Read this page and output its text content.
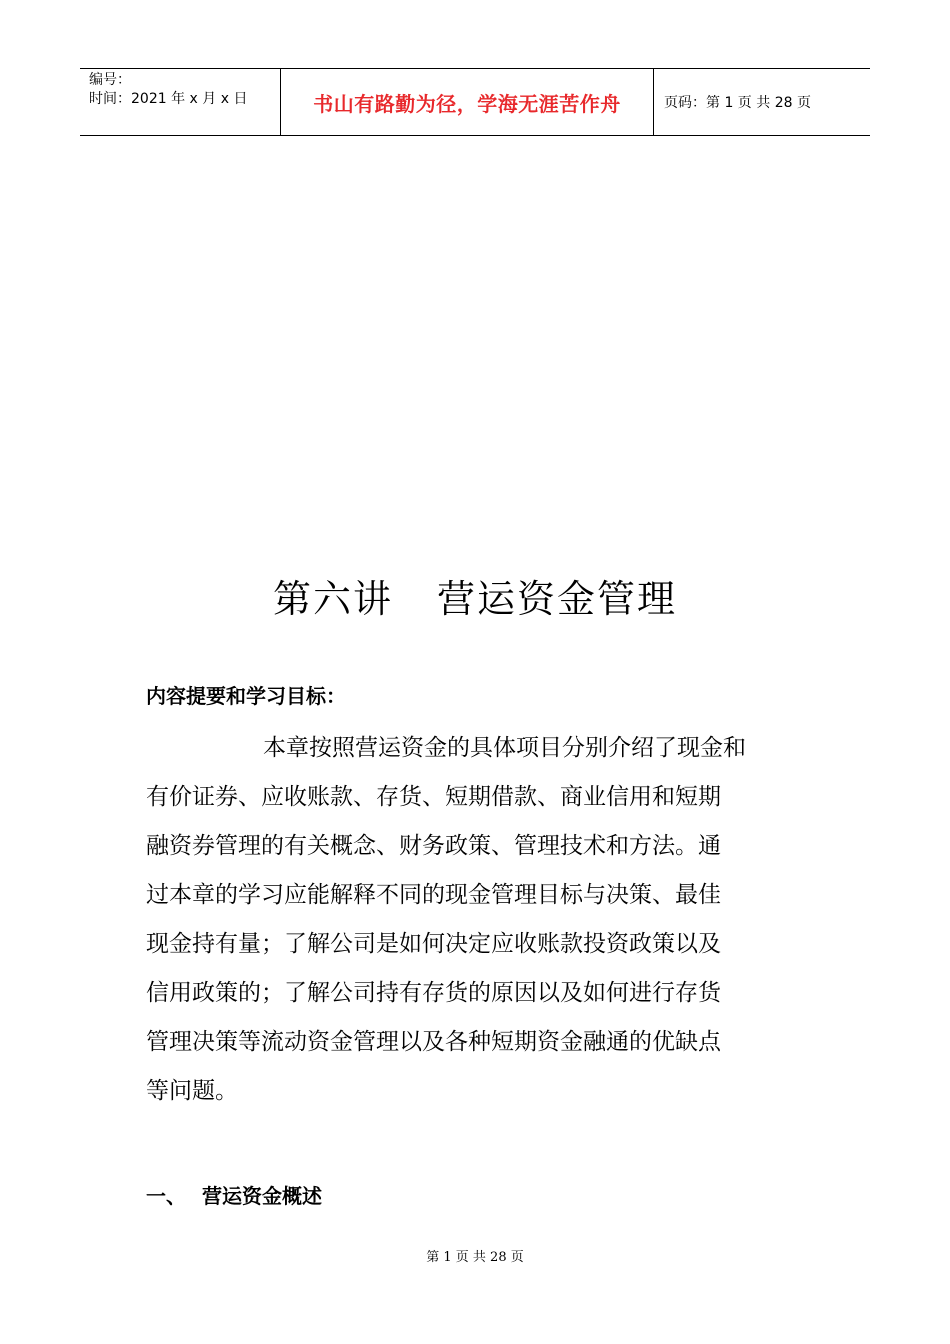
编号：
时间：2021 年 x 月 x 日	书山有路勤为径，学海无涯苦作舟	页码：第 1 页 共 28 页
第六讲 营运资金管理
内容提要和学习目标：
本章按照营运资金的具体项目分别介绍了现金和
有价证券、应收账款、存货、短期借款、商业信用和短期
融资券管理的有关概念、财务政策、管理技术和方法。通
过本章的学习应能解释不同的现金管理目标与决策、最佳
现金持有量；了解公司是如何决定应收账款投资政策以及
信用政策的；了解公司持有存货的原因以及如何进行存货
管理决策等流动资金管理以及各种短期资金融通的优缺点
等问题。
一、 营运资金概述
第 1 页 共 28 页
